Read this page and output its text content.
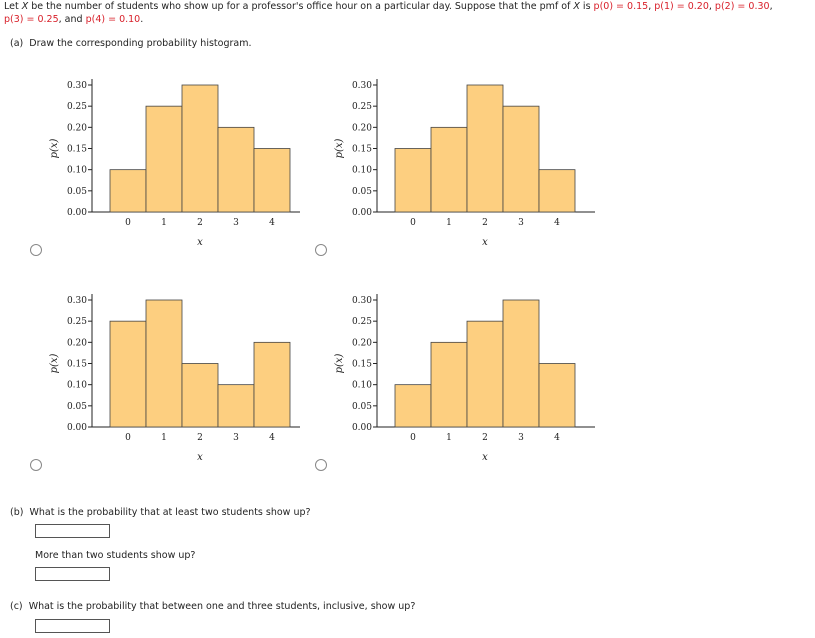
Let X be the number of students who show up for a professor's office hour on a particular day. Suppose that the pmf of X is p(0) = 0.15, p(1) = 0.20, p(2) = 0.30,
p(3) = 0.25, and p(4) = 0.10.
(a) Draw the corresponding probability histogram.
0.00
0.05
0.10
0.15
0.20
0.25
0.30
0	1	2	3	4
x
p(x)
0.00
0.05
0.10
0.15
0.20
0.25
0.30
0	1	2	3	4
x
p(x)
0.00
0.05
0.10
0.15
0.20
0.25
0.30
0	1	2	3	4
x
p(x)
0.00
0.05
0.10
0.15
0.20
0.25
0.30
0	1	2	3	4
x
p(x)
(b) What is the probability that at least two students show up?
More than two students show up?
(c) What is the probability that between one and three students, inclusive, show up?
